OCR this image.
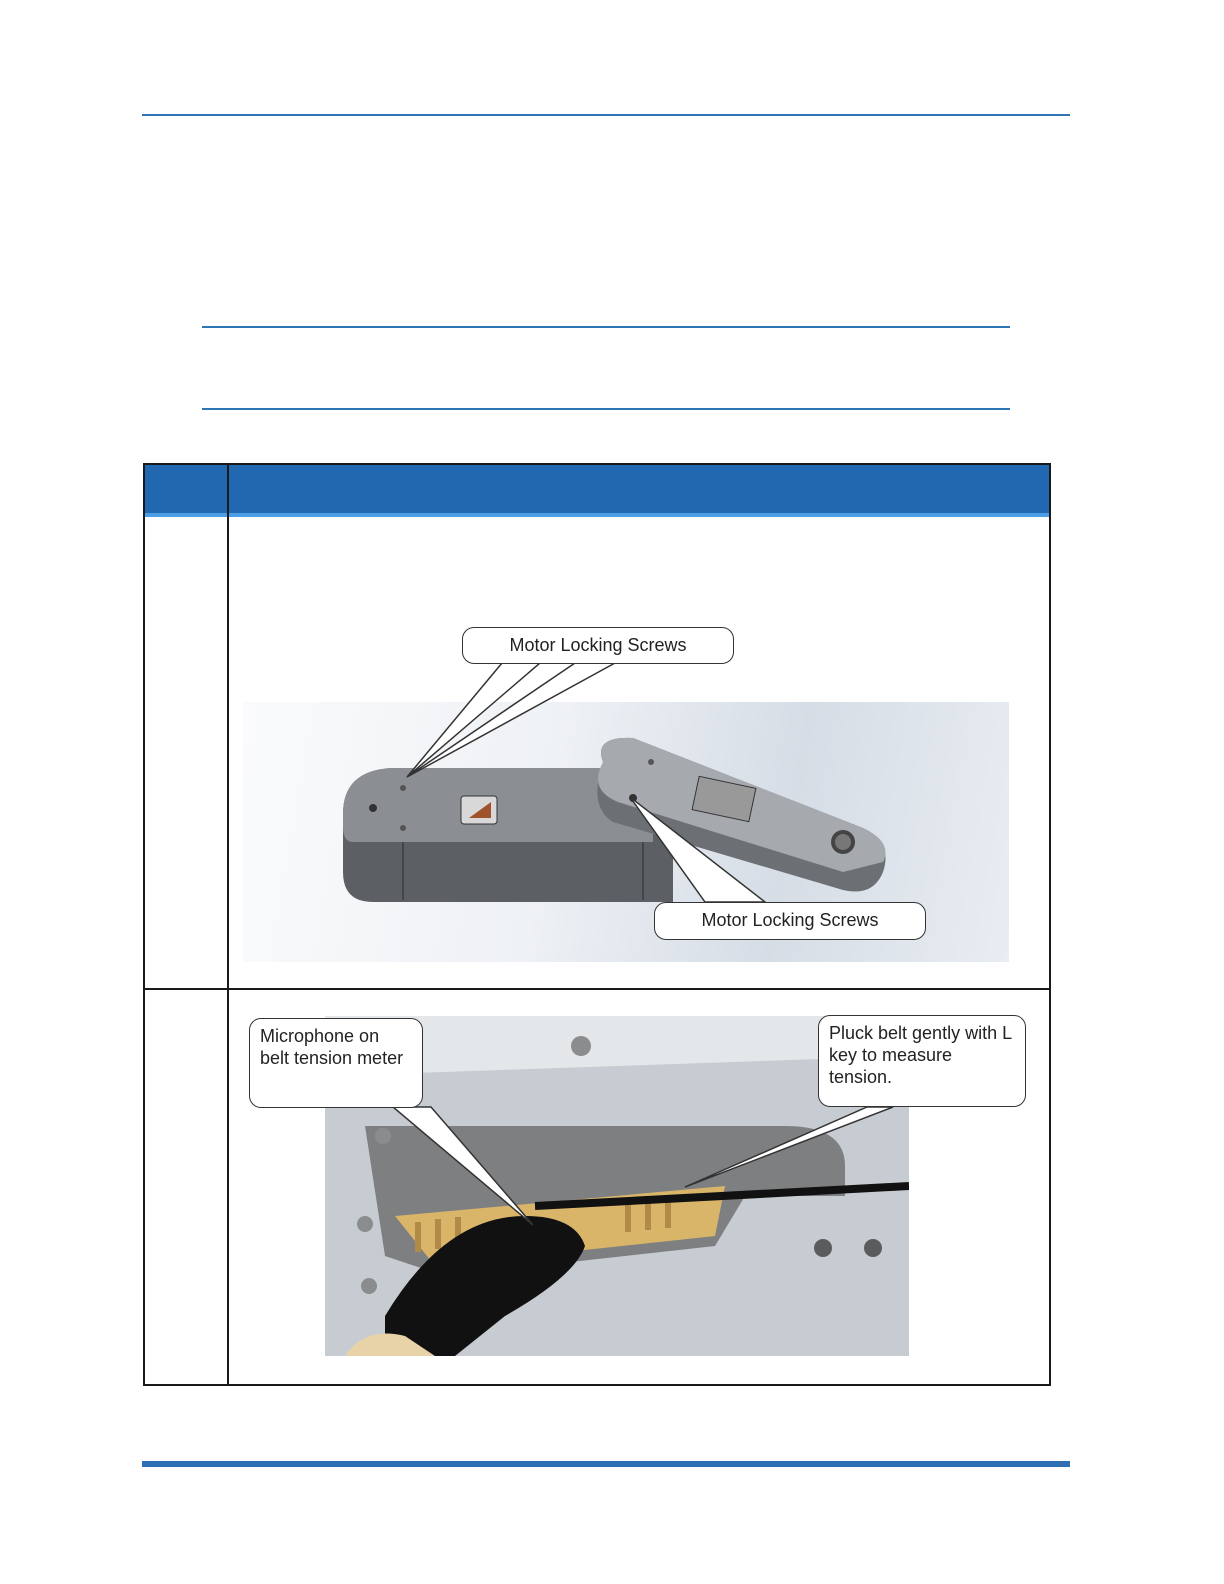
Motor Locking Screws
Motor Locking Screws
Microphone on belt tension meter
Pluck belt gently with L key to measure tension.
